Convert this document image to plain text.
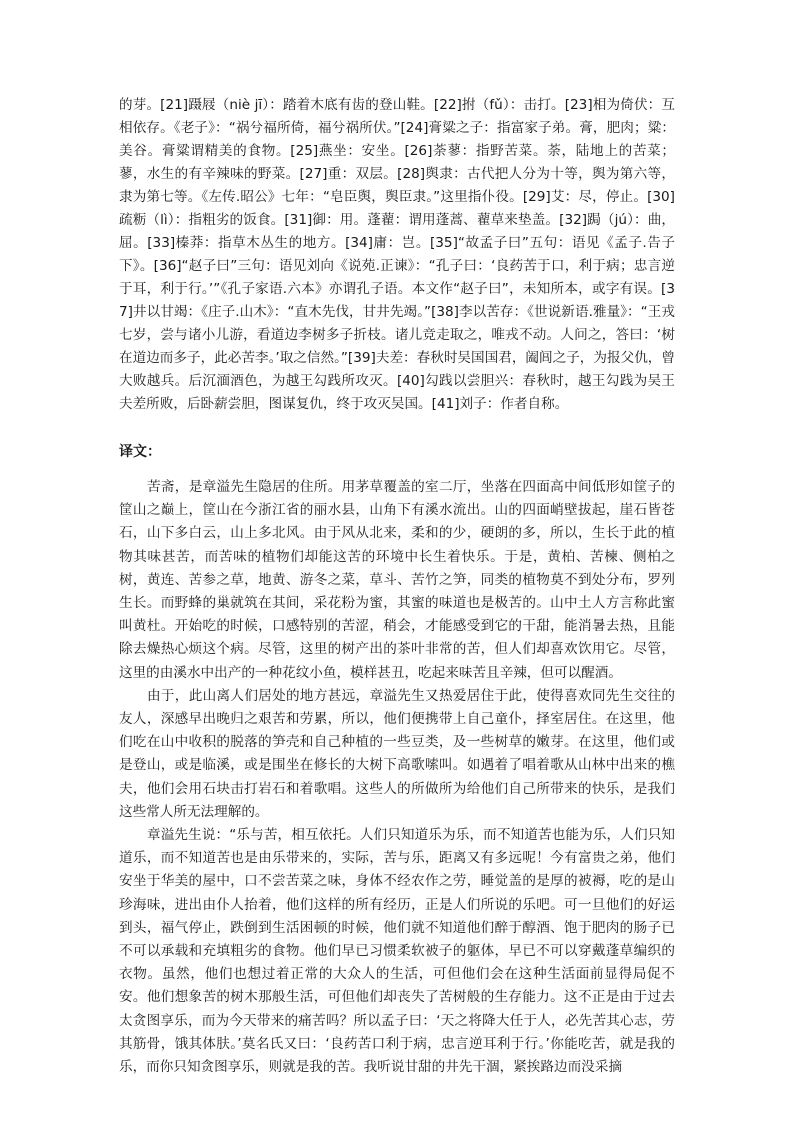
的芽。[21]蹑屐（niè jī）：踏着木底有齿的登山鞋。[22]拊（fǔ）：击打。[23]相为倚伏：互相依存。《老子》：“祸兮福所倚，福兮祸所伏。”[24]膏粱之子：指富家子弟。膏，肥肉；粱：美谷。膏粱谓精美的食物。[25]燕坐：安坐。[26]荼蓼：指野苦菜。荼，陆地上的苦菜；蓼，水生的有辛辣味的野菜。[27]重：双层。[28]舆隶：古代把人分为十等，舆为第六等，隶为第七等。《左传.昭公》七年：“皂臣舆，舆臣隶。”这里指仆役。[29]艾：尽，停止。[30]疏粝（lì）：指粗劣的饭食。[31]御：用。蓬藋：谓用蓬蒿、藋草来垫盖。[32]跼（jú）：曲，屈。[33]榛莽：指草木丛生的地方。[34]庸：岂。[35]“故孟子曰”五句：语见《孟子.告子下》。[36]“赵子曰”三句：语见刘向《说苑.正谏》：“孔子曰：‘良药苦于口，利于病；忠言逆于耳，利于行。’”《孔子家语.六本》亦谓孔子语。本文作“赵子曰”，未知所本，或字有误。[37]井以甘竭：《庄子.山木》：“直木先伐，甘井先竭。”[38]李以苦存：《世说新语.雅量》：“王戎七岁，尝与诸小儿游，看道边李树多子折枝。诸儿竞走取之，唯戎不动。人问之，答曰：‘树在道边而多子，此必苦李。’取之信然。”[39]夫差：春秋时吴国国君，阖闾之子，为报父仇，曾大败越兵。后沉湎酒色，为越王勾践所攻灭。[40]勾践以尝胆兴：春秋时，越王勾践为吴王夫差所败，后卧薪尝胆，图谋复仇，终于攻灭吴国。[41]刘子：作者自称。

译文：

苦斋，是章溢先生隐居的住所。用茅草覆盖的室二厅，坐落在四面高中间低形如筐子的筐山之巅上，筐山在今浙江省的丽水县，山角下有溪水流出。山的四面峭壁拔起，崖石皆苍石，山下多白云，山上多北风。由于风从北来，柔和的少，硬朗的多，所以，生长于此的植物其味甚苦，而苦味的植物们却能这苦的环境中长生着快乐。于是，黄柏、苦楝、侧柏之树，黄连、苦参之草，地黄、游冬之菜，草斗、苦竹之笋，同类的植物莫不到处分布，罗列生长。而野蜂的巢就筑在其间，采花粉为蜜，其蜜的味道也是极苦的。山中土人方言称此蜜叫黄杜。开始吃的时候，口感特别的苦涩，稍会，才能感受到它的干甜，能消暑去热，且能除去燥热心烦这个病。尽管，这里的树产出的茶叶非常的苦，但人们却喜欢饮用它。尽管，这里的由溪水中出产的一种花纹小鱼，模样甚丑，吃起来味苦且辛辣，但可以醒酒。

由于，此山离人们居处的地方甚远，章溢先生又热爱居住于此，使得喜欢同先生交往的友人，深感早出晚归之艰苦和劳累，所以，他们便携带上自己童仆，择室居住。在这里，他们吃在山中收积的脱落的笋壳和自己种植的一些豆类，及一些树草的嫩芽。在这里，他们或是登山，或是临溪，或是围坐在修长的大树下高歌嗦叫。如遇着了唱着歌从山林中出来的樵夫，他们会用石块击打岩石和着歌唱。这些人的所做所为给他们自己所带来的快乐，是我们这些常人所无法理解的。

章溢先生说：“乐与苦，相互依托。人们只知道乐为乐，而不知道苦也能为乐，人们只知道乐，而不知道苦也是由乐带来的，实际，苦与乐，距离又有多远呢！今有富贵之弟，他们安坐于华美的屋中，口不尝苦菜之味，身体不经农作之劳，睡觉盖的是厚的被褥，吃的是山珍海味，进出由仆人抬着，他们这样的所有经历，正是人们所说的乐吧。可一旦他们的好运到头，福气停止，跌倒到生活困顿的时候，他们就不知道他们醉于醇酒、饱于肥肉的肠子已不可以承载和充填粗劣的食物。他们早已习惯柔软被子的躯体，早已不可以穿戴蓬草编织的衣物。虽然，他们也想过着正常的大众人的生活，可但他们会在这种生活面前显得局促不安。他们想象苦的树木那般生活，可但他们却丧失了苦树般的生存能力。这不正是由于过去太贪图享乐，而为今天带来的痛苦吗？所以孟子曰：‘天之将降大任于人，必先苦其心志，劳其筋骨，饿其体肤。’莫名氏又曰：‘良药苦口利于病，忠言逆耳利于行。’你能吃苦，就是我的乐，而你只知贪图享乐，则就是我的苦。我听说甘甜的井先干涸，紧挨路边而没采摘
